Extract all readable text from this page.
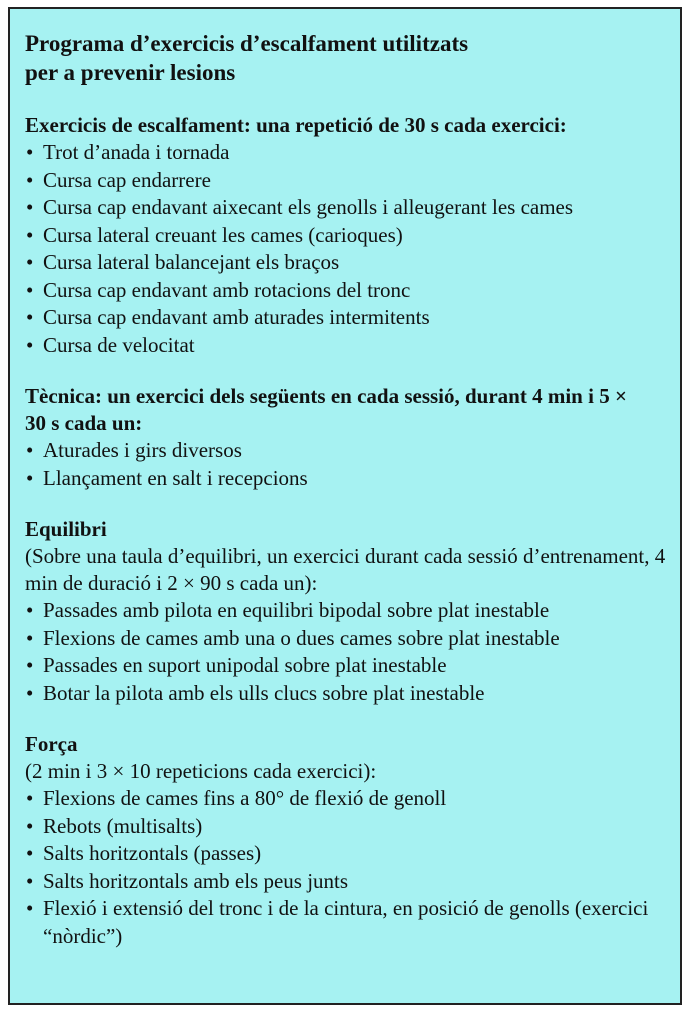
Programa d’exercicis d’escalfament utilitzats
per a prevenir lesions
Exercicis de escalfament: una repetició de 30 s cada exercici:
• Trot d’anada i tornada
• Cursa cap endarrere
• Cursa cap endavant aixecant els genolls i alleugerant les cames
• Cursa lateral creuant les cames (carioques)
• Cursa lateral balancejant els braços
• Cursa cap endavant amb rotacions del tronc
• Cursa cap endavant amb aturades intermitents
• Cursa de velocitat
Tècnica: un exercici dels següents en cada sessió, durant 4 min i 5 × 30 s cada un:
• Aturades i girs diversos
• Llançament en salt i recepcions
Equilibri
(Sobre una taula d’equilibri, un exercici durant cada sessió d’entrenament, 4 min de duració i 2 × 90 s cada un):
• Passades amb pilota en equilibri bipodal sobre plat inestable
• Flexions de cames amb una o dues cames sobre plat inestable
• Passades en suport unipodal sobre plat inestable
• Botar la pilota amb els ulls clucs sobre plat inestable
Força
(2 min i 3 × 10 repeticions cada exercici):
• Flexions de cames fins a 80° de flexió de genoll
• Rebots (multisalts)
• Salts horitzontals (passes)
• Salts horitzontals amb els peus junts
• Flexió i extensió del tronc i de la cintura, en posició de genolls (exercici “nòrdic”)
